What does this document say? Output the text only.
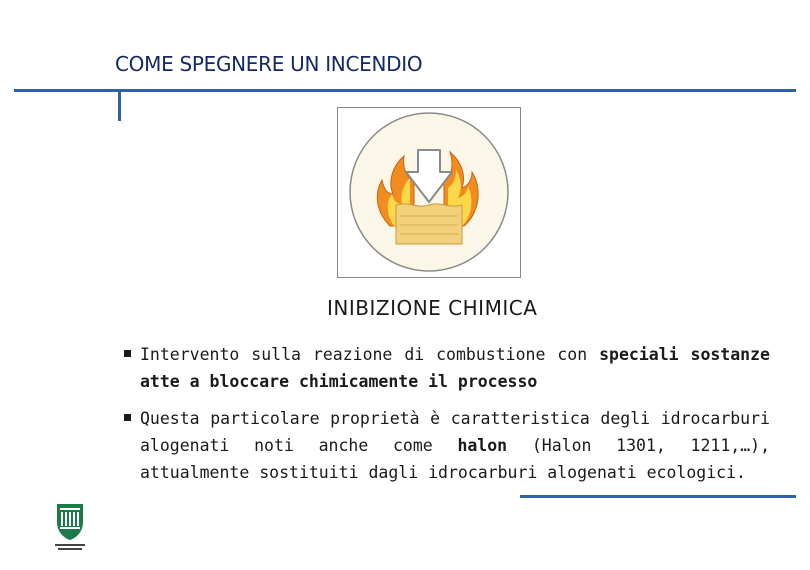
COME SPEGNERE UN INCENDIO
INIBIZIONE CHIMICA
Intervento sulla reazione di combustione con speciali sostanze atte a bloccare chimicamente il processo
Questa particolare proprietà è caratteristica degli idrocarburi alogenati noti anche come halon (Halon 1301, 1211,…), attualmente sostituiti dagli idrocarburi alogenati ecologici.
